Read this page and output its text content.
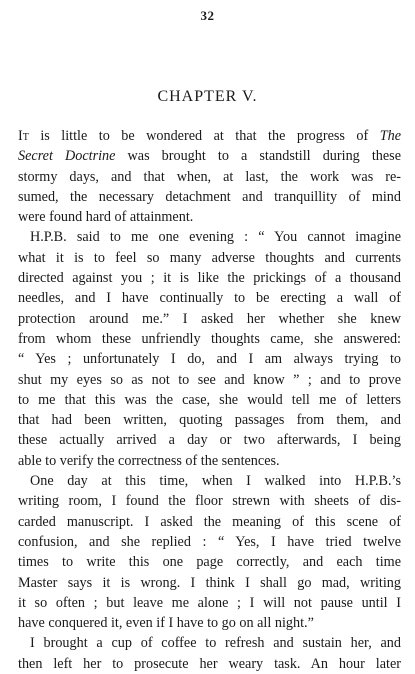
32
CHAPTER V.
It is little to be wondered at that the progress of The
Secret Doctrine was brought to a standstill during these
stormy days, and that when, at last, the work was re-
sumed, the necessary detachment and tranquillity of mind
were found hard of attainment.
H.P.B. said to me one evening : “ You cannot imagine
what it is to feel so many adverse thoughts and currents
directed against you ; it is like the prickings of a thousand
needles, and I have continually to be erecting a wall of
protection around me.” I asked her whether she knew
from whom these unfriendly thoughts came, she answered:
“ Yes ; unfortunately I do, and I am always trying to
shut my eyes so as not to see and know ” ; and to prove
to me that this was the case, she would tell me of letters
that had been written, quoting passages from them, and
these actually arrived a day or two afterwards, I being
able to verify the correctness of the sentences.
One day at this time, when I walked into H.P.B.’s
writing room, I found the floor strewn with sheets of dis-
carded manuscript. I asked the meaning of this scene of
confusion, and she replied : “ Yes, I have tried twelve
times to write this one page correctly, and each time
Master says it is wrong. I think I shall go mad, writing
it so often ; but leave me alone ; I will not pause until I
have conquered it, even if I have to go on all night.”
I brought a cup of coffee to refresh and sustain her, and
then left her to prosecute her weary task. An hour later
